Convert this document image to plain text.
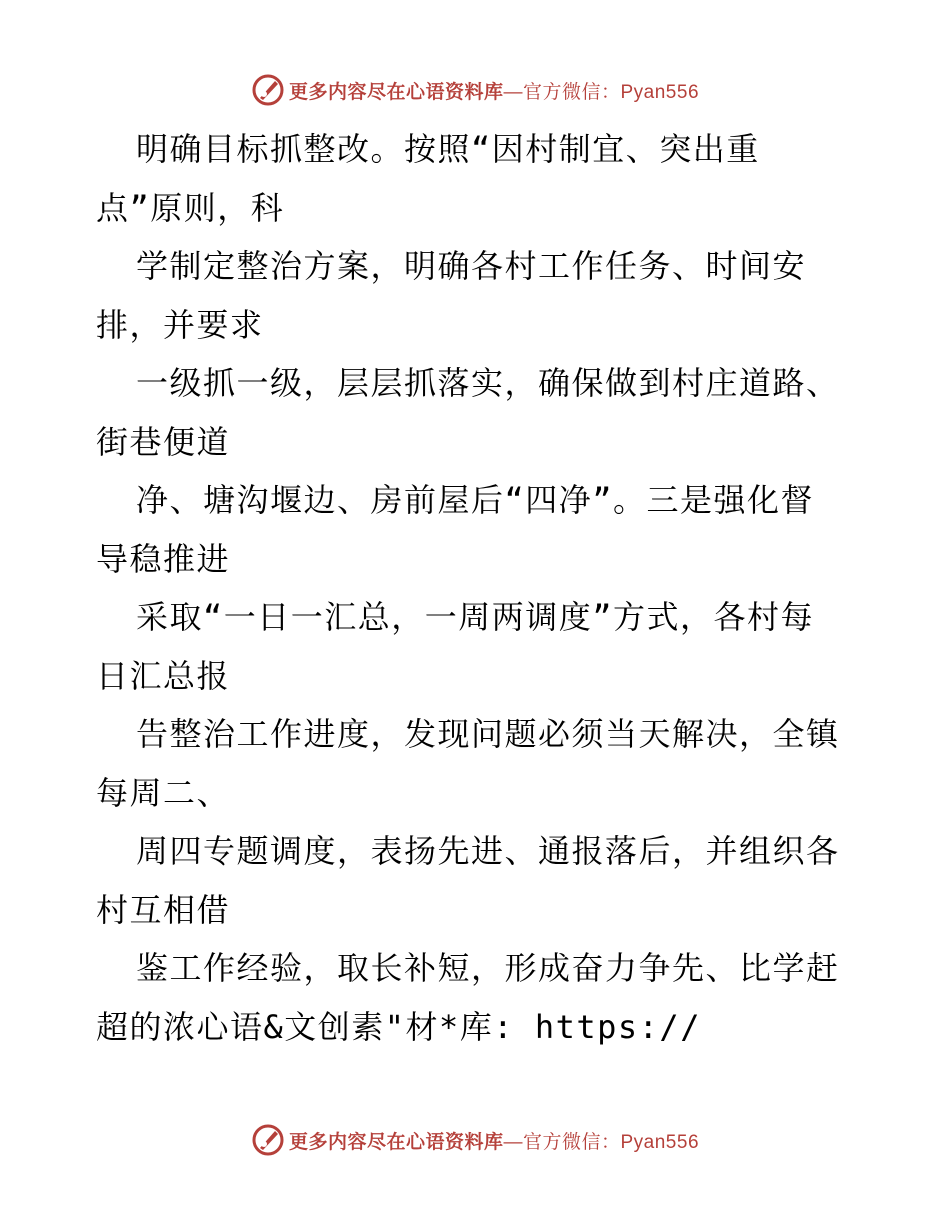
更多内容尽在心语资料库—官方微信：Pyan556
明确目标抓整改。按照“因村制宜、突出重
点”原则，科
学制定整治方案，明确各村工作任务、时间安
排，并要求
一级抓一级，层层抓落实，确保做到村庄道路、
街巷便道
净、塘沟堰边、房前屋后“四净”。三是强化督
导稳推进
采取“一日一汇总，一周两调度”方式，各村每
日汇总报
告整治工作进度，发现问题必须当天解决，全镇
每周二、
周四专题调度，表扬先进、通报落后，并组织各
村互相借
鉴工作经验，取长补短，形成奋力争先、比学赶
超的浓心语&文创素"材*库: https://
更多内容尽在心语资料库—官方微信：Pyan556
